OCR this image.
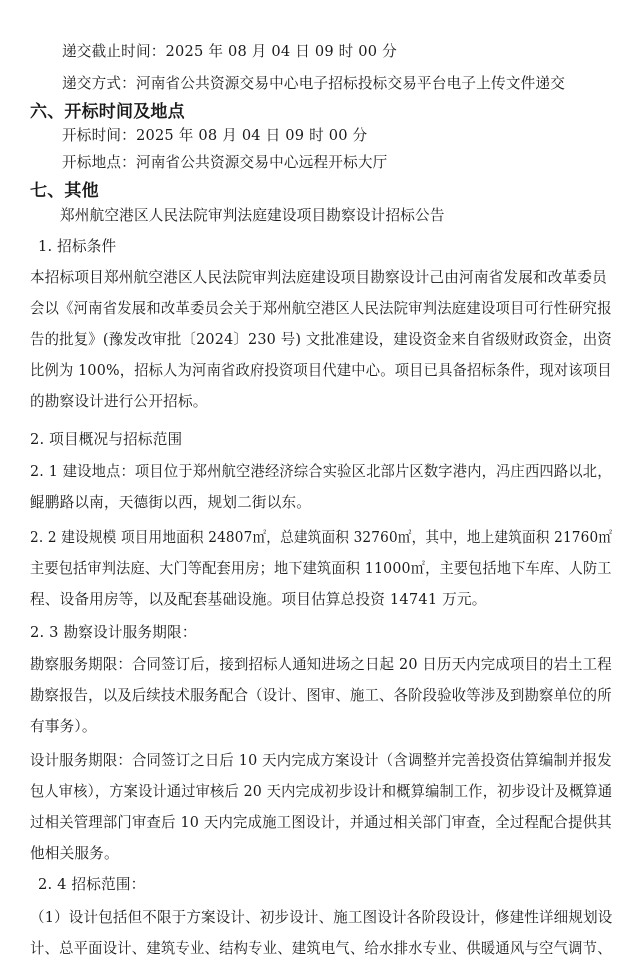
递交截止时间：2025 年 08 月 04 日 09 时 00 分
递交方式：河南省公共资源交易中心电子招标投标交易平台电子上传文件递交
六、开标时间及地点
开标时间：2025 年 08 月 04 日 09 时 00 分
开标地点：河南省公共资源交易中心远程开标大厅
七、其他
郑州航空港区人民法院审判法庭建设项目勘察设计招标公告
1. 招标条件
本招标项目郑州航空港区人民法院审判法庭建设项目勘察设计己由河南省发展和改革委员
会以《河南省发展和改革委员会关于郑州航空港区人民法院审判法庭建设项目可行性研究报
告的批复》(豫发改审批〔2024〕230 号) 文批准建设，建设资金来自省级财政资金，出资
比例为 100%，招标人为河南省政府投资项目代建中心。项目已具备招标条件，现对该项目
的勘察设计进行公开招标。
2. 项目概况与招标范围
2. 1 建设地点：项目位于郑州航空港经济综合实验区北部片区数字港内，冯庄西四路以北，
鲲鹏路以南，天德街以西，规划二街以东。
2. 2 建设规模 项目用地面积 24807㎡，总建筑面积 32760㎡，其中，地上建筑面积 21760㎡
主要包括审判法庭、大门等配套用房；地下建筑面积 11000㎡，主要包括地下车库、人防工
程、设备用房等，以及配套基础设施。项目估算总投资 14741 万元。
2. 3 勘察设计服务期限：
勘察服务期限：合同签订后，接到招标人通知进场之日起 20 日历天内完成项目的岩土工程
勘察报告，以及后续技术服务配合（设计、图审、施工、各阶段验收等涉及到勘察单位的所
有事务）。
设计服务期限：合同签订之日后 10 天内完成方案设计（含调整并完善投资估算编制并报发
包人审核），方案设计通过审核后 20 天内完成初步设计和概算编制工作，初步设计及概算通
过相关管理部门审查后 10 天内完成施工图设计，并通过相关部门审查，全过程配合提供其
他相关服务。
2. 4 招标范围：
（1）设计包括但不限于方案设计、初步设计、施工图设计各阶段设计，修建性详细规划设
计、总平面设计、建筑专业、结构专业、建筑电气、给水排水专业、供暖通风与空气调节、
